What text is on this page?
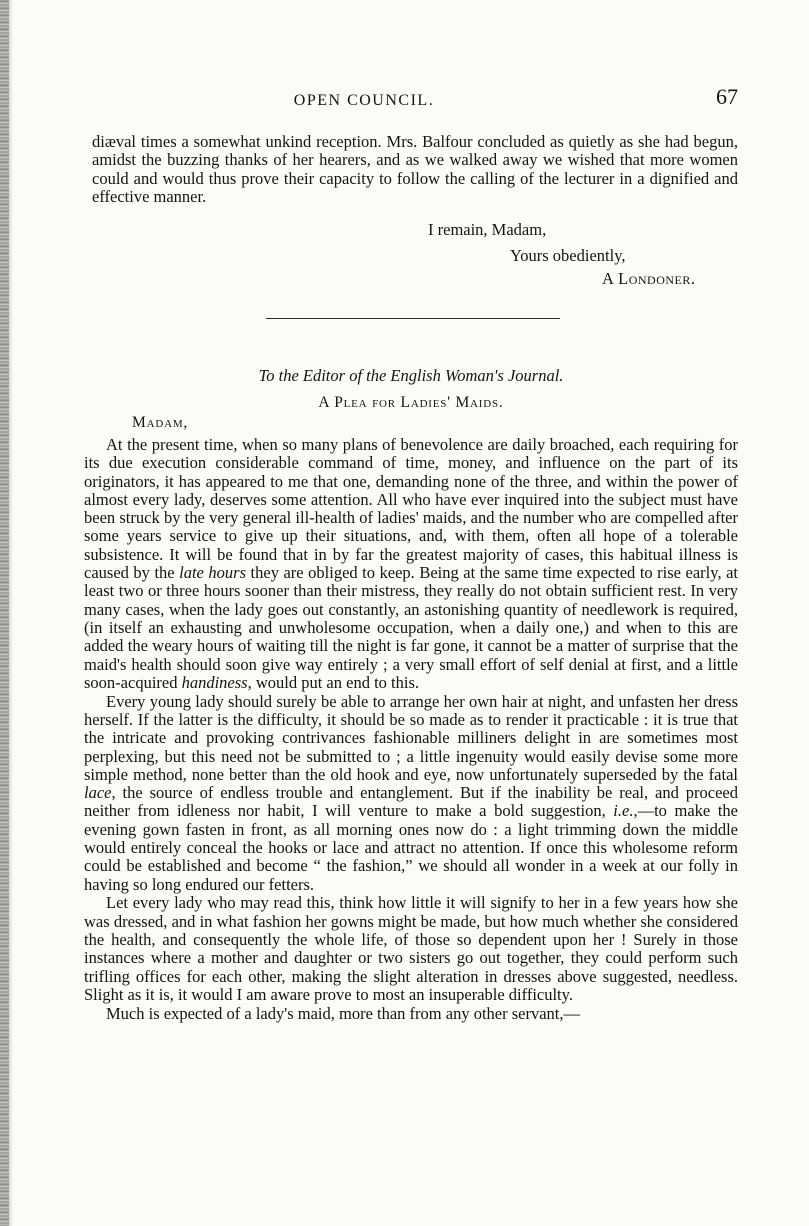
OPEN COUNCIL.	67

diæval times a somewhat unkind reception. Mrs. Balfour concluded as quietly as she had begun, amidst the buzzing thanks of her hearers, and as we walked away we wished that more women could and would thus prove their capacity to follow the calling of the lecturer in a dignified and effective manner.

I remain, Madam,
Yours obediently,
A Londoner.
To the Editor of the English Woman's Journal.
A Plea for Ladies' Maids.
Madam,

At the present time, when so many plans of benevolence are daily broached, each requiring for its due execution considerable command of time, money, and influence on the part of its originators, it has appeared to me that one, demanding none of the three, and within the power of almost every lady, deserves some attention. All who have ever inquired into the subject must have been struck by the very general ill-health of ladies' maids, and the number who are compelled after some years service to give up their situations, and, with them, often all hope of a tolerable subsistence. It will be found that in by far the greatest majority of cases, this habitual illness is caused by the late hours they are obliged to keep. Being at the same time expected to rise early, at least two or three hours sooner than their mistress, they really do not obtain sufficient rest. In very many cases, when the lady goes out constantly, an astonishing quantity of needlework is required, (in itself an exhausting and unwholesome occupation, when a daily one,) and when to this are added the weary hours of waiting till the night is far gone, it cannot be a matter of surprise that the maid's health should soon give way entirely ; a very small effort of self denial at first, and a little soon-acquired handiness, would put an end to this.

Every young lady should surely be able to arrange her own hair at night, and unfasten her dress herself. If the latter is the difficulty, it should be so made as to render it practicable : it is true that the intricate and provoking contrivances fashionable milliners delight in are sometimes most perplexing, but this need not be submitted to ; a little ingenuity would easily devise some more simple method, none better than the old hook and eye, now unfortunately superseded by the fatal lace, the source of endless trouble and entanglement. But if the inability be real, and proceed neither from idleness nor habit, I will venture to make a bold suggestion, i.e.,—to make the evening gown fasten in front, as all morning ones now do : a light trimming down the middle would entirely conceal the hooks or lace and attract no attention. If once this wholesome reform could be established and become “ the fashion,” we should all wonder in a week at our folly in having so long endured our fetters.

Let every lady who may read this, think how little it will signify to her in a few years how she was dressed, and in what fashion her gowns might be made, but how much whether she considered the health, and consequently the whole life, of those so dependent upon her ! Surely in those instances where a mother and daughter or two sisters go out together, they could perform such trifling offices for each other, making the slight alteration in dresses above suggested, needless. Slight as it is, it would I am aware prove to most an insuperable difficulty.

Much is expected of a lady's maid, more than from any other servant,—
